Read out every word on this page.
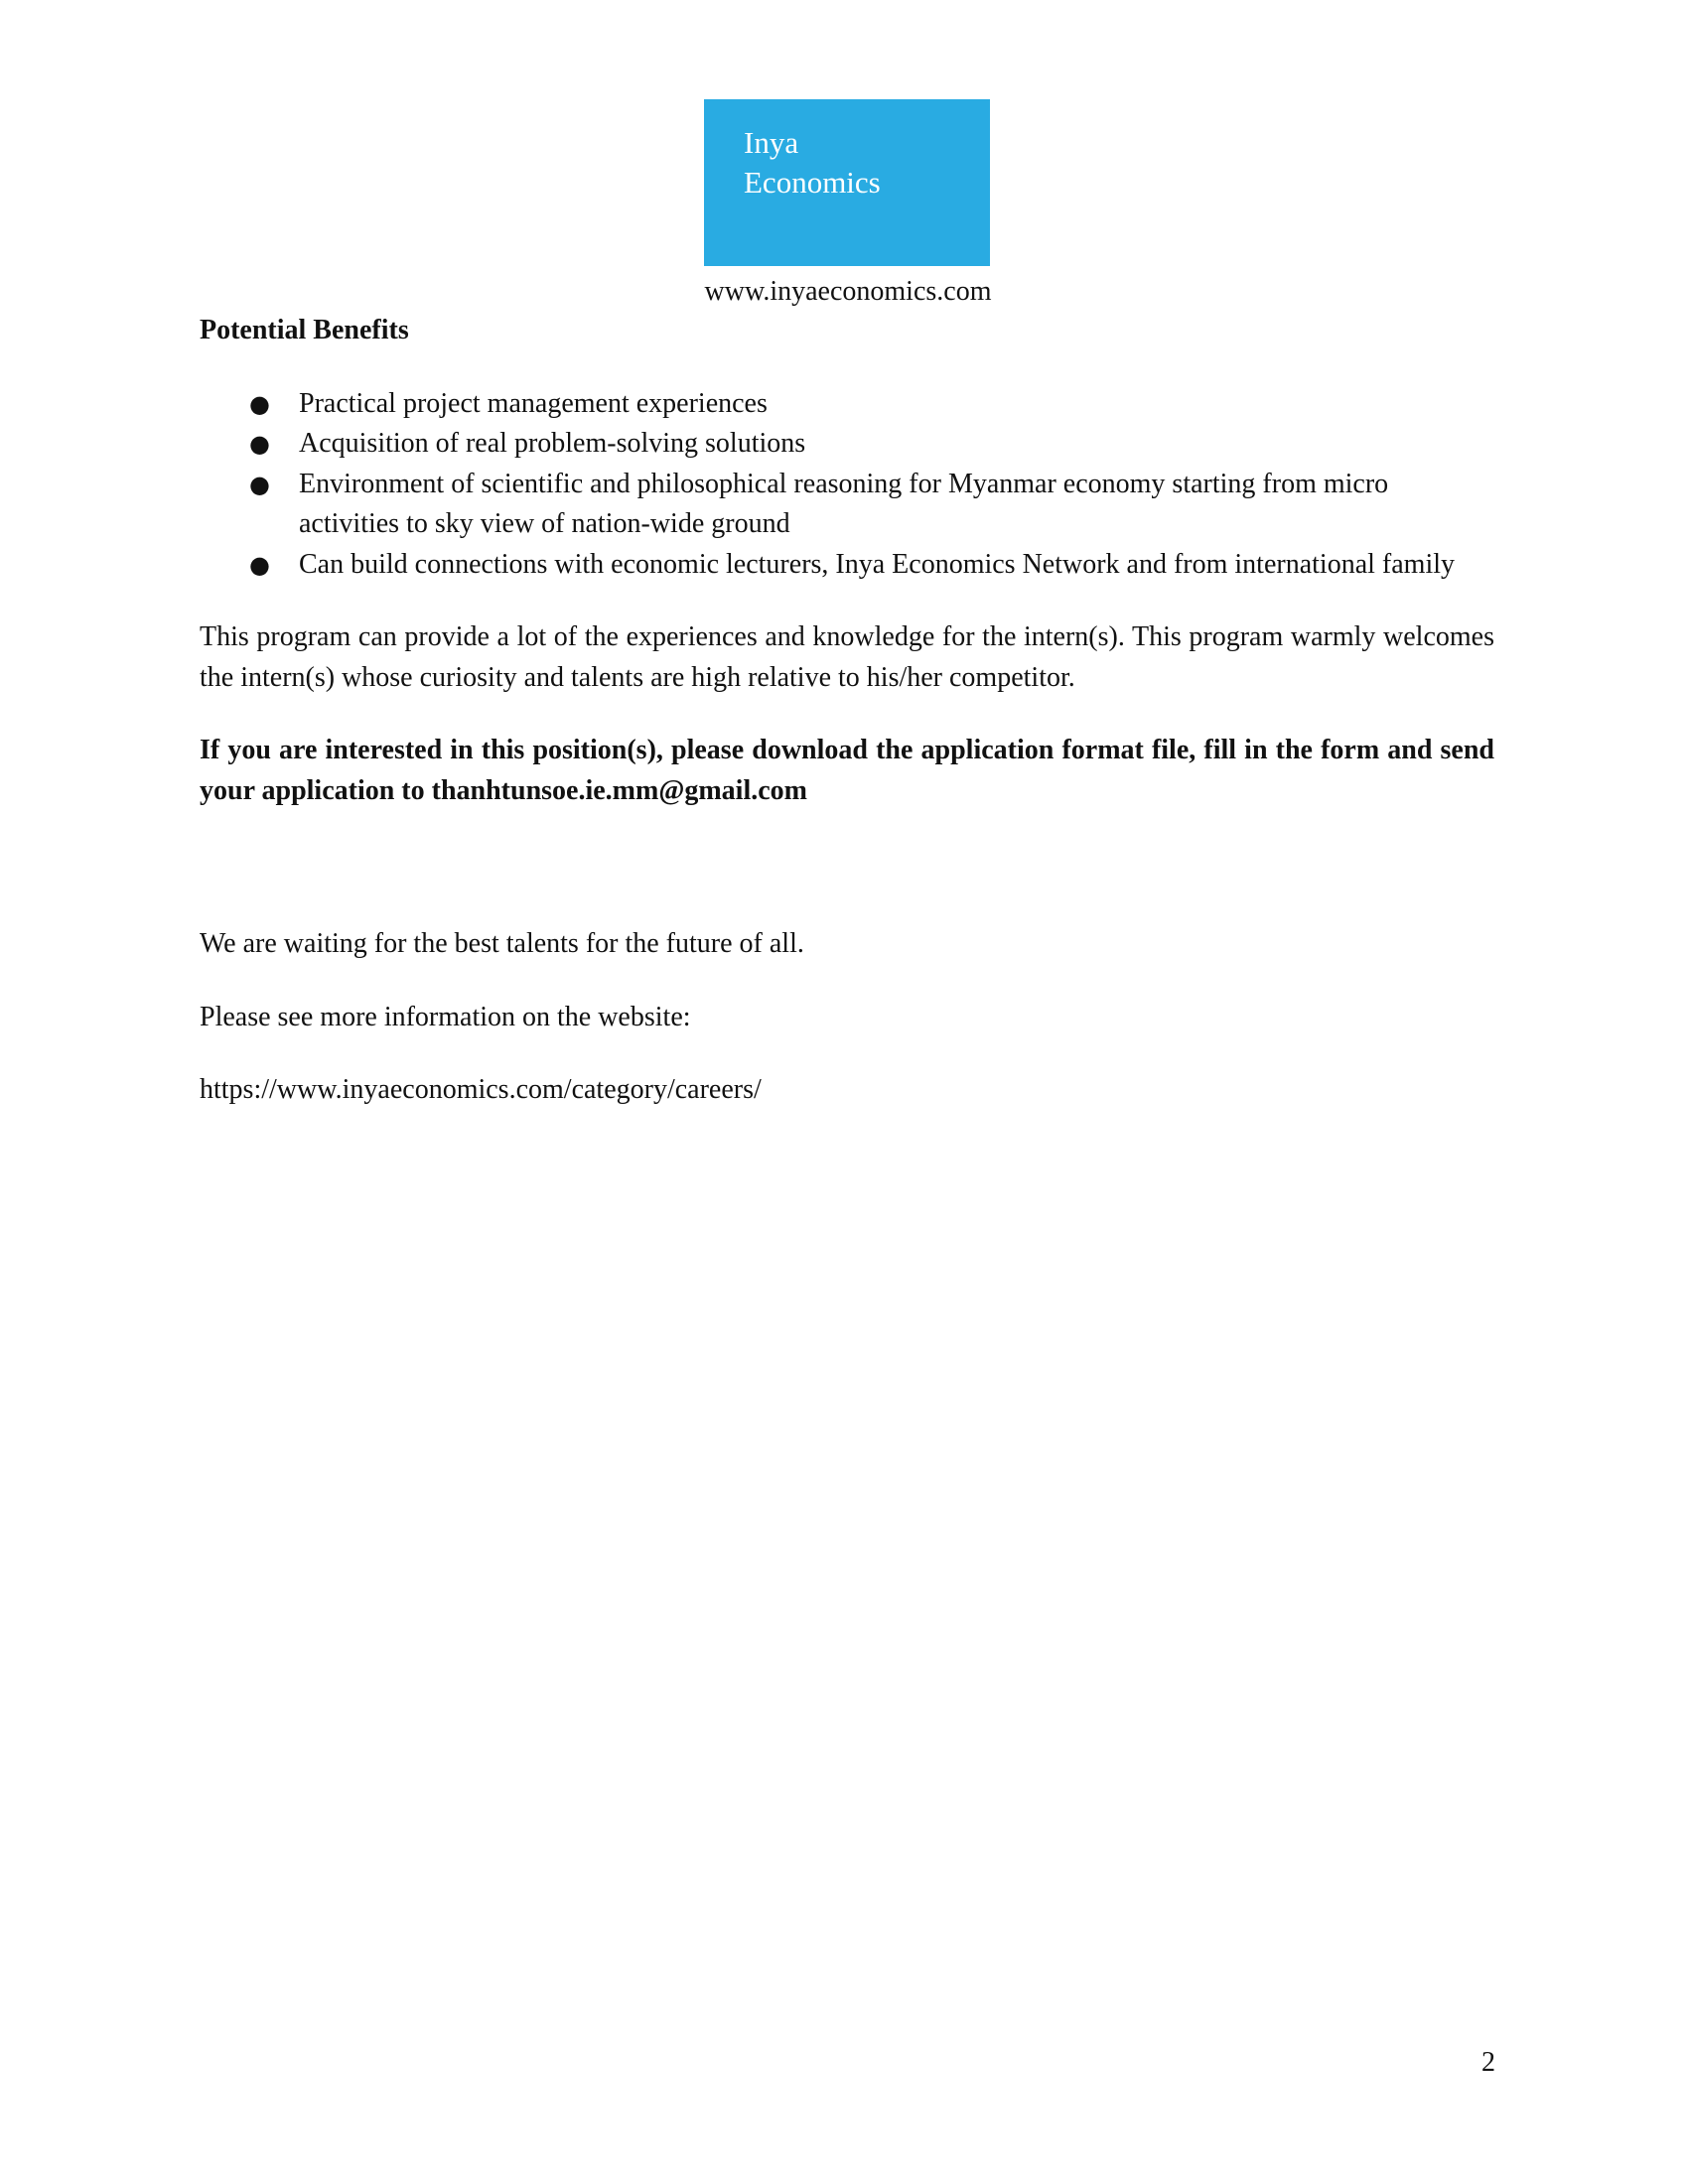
Inya
Economics
www.inyaeconomics.com
Potential Benefits
● Practical project management experiences
● Acquisition of real problem-solving solutions
● Environment of scientific and philosophical reasoning for Myanmar economy starting from micro activities to sky view of nation-wide ground
● Can build connections with economic lecturers, Inya Economics Network and from international family

This program can provide a lot of the experiences and knowledge for the intern(s). This program warmly welcomes the intern(s) whose curiosity and talents are high relative to his/her competitor.

If you are interested in this position(s), please download the application format file, fill in the form and send your application to thanhtunsoe.ie.mm@gmail.com

We are waiting for the best talents for the future of all.

Please see more information on the website:

https://www.inyaeconomics.com/category/careers/

2
